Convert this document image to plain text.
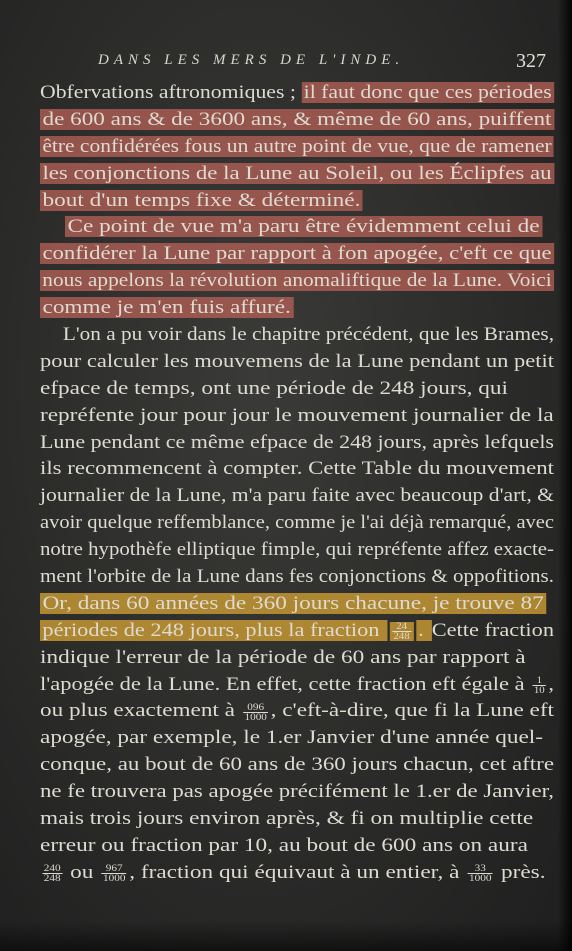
DANS LES MERS DE L'INDE.	327
Obfervations aftronomiques ; il faut donc que ces périodes
de 600 ans & de 3600 ans, & même de 60 ans, puiffent
être confidérées fous un autre point de vue, que de ramener
les conjonctions de la Lune au Soleil, ou les Éclipfes au
bout d'un temps fixe & déterminé.
Ce point de vue m'a paru être évidemment celui de
confidérer la Lune par rapport à fon apogée, c'eft ce que
nous appelons la révolution anomaliftique de la Lune. Voici
comme je m'en fuis affuré.
L'on a pu voir dans le chapitre précédent, que les Brames,
pour calculer les mouvemens de la Lune pendant un petit
efpace de temps, ont une période de 248 jours, qui
repréfente jour pour jour le mouvement journalier de la
Lune pendant ce même efpace de 248 jours, après lefquels
ils recommencent à compter. Cette Table du mouvement
journalier de la Lune, m'a paru faite avec beaucoup d'art, &
avoir quelque reffemblance, comme je l'ai déjà remarqué, avec
notre hypothèfe elliptique fimple, qui repréfente affez exacte-
ment l'orbite de la Lune dans fes conjonctions & oppofitions.
Or, dans 60 années de 360 jours chacune, je trouve 87
périodes de 248 jours, plus la fraction $\frac{24}{248}$ . Cette fraction
indique l'erreur de la période de 60 ans par rapport à
l'apogée de la Lune. En effet, cette fraction eft égale à $\frac{1}{10}$ ,
ou plus exactement à $\frac{096}{1000}$ , c'eft-à-dire, que fi la Lune eft
apogée, par exemple, le 1.er Janvier d'une année quel-
conque, au bout de 60 ans de 360 jours chacun, cet aftre
ne fe trouvera pas apogée précifément le 1.er de Janvier,
mais trois jours environ après, & fi on multiplie cette
erreur ou fraction par 10, au bout de 600 ans on aura
$\frac{240}{248}$ ou $\frac{967}{1000}$ , fraction qui équivaut à un entier, à $\frac{33}{1000}$ près.
